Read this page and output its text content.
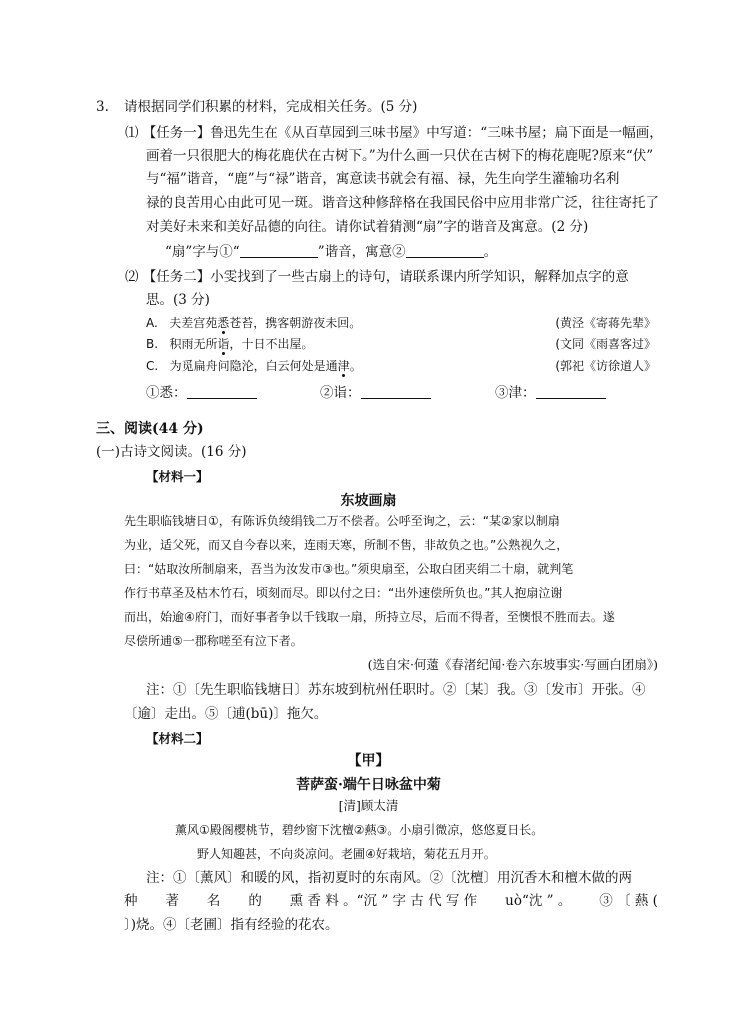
3. 请根据同学们积累的材料，完成相关任务。(5 分)
⑴ 【任务一】鲁迅先生在《从百草园到三味书屋》中写道：“三味书屋；扁下面是一幅画，
画着一只很肥大的梅花鹿伏在古树下。”为什么画一只伏在古树下的梅花鹿呢?原来“伏”
与“福”谐音，“鹿”与“禄”谐音，寓意读书就会有福、禄，先生向学生灌输功名利
禄的良苦用心由此可见一斑。谐音这种修辞格在我国民俗中应用非常广泛，往往寄托了
对美好未来和美好品德的向往。请你试着猜测“扇”字的谐音及寓意。(2 分)
“扇”字与①“	”谐音，寓意②	。
⑵ 【任务二】小雯找到了一些古扇上的诗句，请联系课内所学知识，解释加点字的意
思。(3 分)
A. 夫差宫苑悉苍苔，携客朝游夜未回。	(黄泾《寄蒋先辈》
B. 积雨无所诣，十日不出屋。	(文同《雨喜客过》
C. 为觅扁舟问隐沦，白云何处是通津。	(郭祀《访徐道人》
①悉：	②诣：	③津：
三、阅读(44 分)
(一)古诗文阅读。(16 分)
【材料一】
东坡画扇
先生职临钱塘日①，有陈诉负绫绢钱二万不偿者。公呼至询之，云：“某②家以制扇
为业，适父死，而又自今春以来，连雨天寒，所制不售，非故负之也。”公熟视久之，
曰：“姑取汝所制扇来，吾当为汝发市③也。”须臾扇至，公取白团夹绢二十扇，就判笔
作行书草圣及枯木竹石，顷刻而尽。即以付之曰：“出外速偿所负也。”其人抱扇泣谢
而出，始逾④府门，而好事者争以千钱取一扇，所持立尽，后而不得者，至懊恨不胜而去。遂
尽偿所逋⑤一郡称嗟至有泣下者。
(选自宋·何薳《春渚纪闻·卷六东坡事实·写画白团扇》)
注：①〔先生职临钱塘日〕苏东坡到杭州任职时。②〔某〕我。③〔发市〕开张。④
〔逾〕走出。⑤〔逋(bū)〕拖欠。
【材料二】
【甲】
菩萨蛮·端午日咏盆中菊
[清]顾太清
薰风①殿阁樱桃节，碧纱窗下沈檀②爇③。小扇引微凉，悠悠夏日长。
野人知趣甚，不向炎凉问。老圃④好栽培，菊花五月开。
注：①〔薰风〕和暖的风，指初夏时的东南风。②〔沈檀〕用沉香木和檀木做的两
种 著 名 的 熏 香 料 。“沉 ” 字 古 代 写 作 uò“沈 ” 。 ③ 〔 爇 (
〕)烧。④〔老圃〕指有经验的花农。
